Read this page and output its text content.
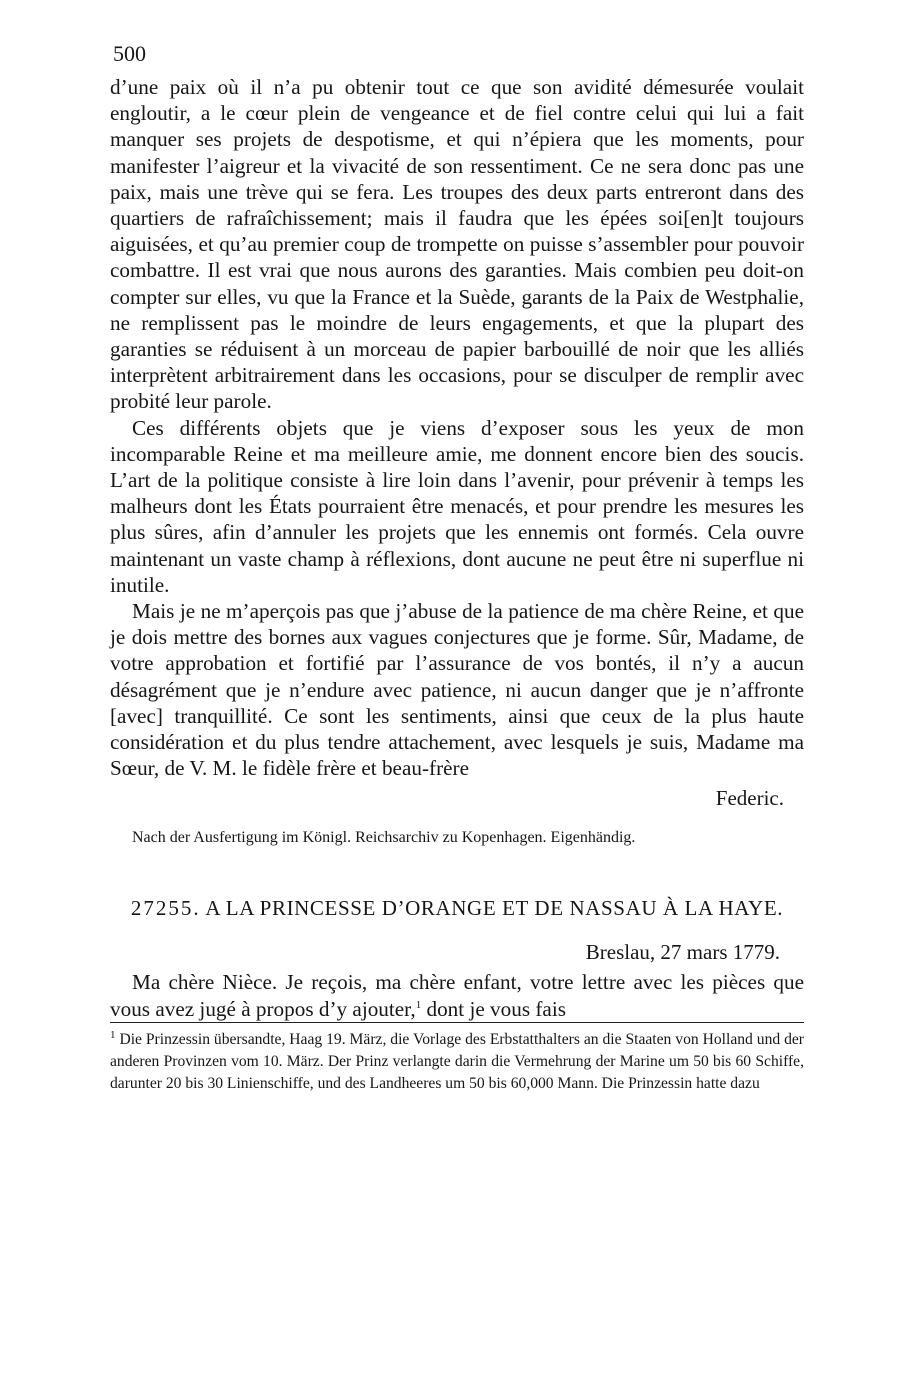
500

d’une paix où il n’a pu obtenir tout ce que son avidité démesurée voulait engloutir, a le cœur plein de vengeance et de fiel contre celui qui lui a fait manquer ses projets de despotisme, et qui n’épiera que les moments, pour manifester l’aigreur et la vivacité de son ressentiment. Ce ne sera donc pas une paix, mais une trève qui se fera. Les troupes des deux parts entreront dans des quartiers de rafraîchissement; mais il faudra que les épées soi[en]t toujours aiguisées, et qu’au premier coup de trompette on puisse s’assembler pour pouvoir combattre. Il est vrai que nous aurons des garanties. Mais combien peu doit-on compter sur elles, vu que la France et la Suède, garants de la Paix de Westphalie, ne remplissent pas le moindre de leurs engagements, et que la plupart des garanties se réduisent à un morceau de papier barbouillé de noir que les alliés interprètent arbitrairement dans les occasions, pour se disculper de remplir avec probité leur parole.

Ces différents objets que je viens d’exposer sous les yeux de mon incomparable Reine et ma meilleure amie, me donnent encore bien des soucis. L’art de la politique consiste à lire loin dans l’avenir, pour prévenir à temps les malheurs dont les États pourraient être menacés, et pour prendre les mesures les plus sûres, afin d’annuler les projets que les ennemis ont formés. Cela ouvre maintenant un vaste champ à réflexions, dont aucune ne peut être ni superflue ni inutile.

Mais je ne m’aperçois pas que j’abuse de la patience de ma chère Reine, et que je dois mettre des bornes aux vagues conjectures que je forme. Sûr, Madame, de votre approbation et fortifié par l’assurance de vos bontés, il n’y a aucun désagrément que je n’endure avec patience, ni aucun danger que je n’affronte [avec] tranquillité. Ce sont les sentiments, ainsi que ceux de la plus haute considération et du plus tendre attachement, avec lesquels je suis, Madame ma Sœur, de V. M. le fidèle frère et beau-frère

Federic.
Nach der Ausfertigung im Königl. Reichsarchiv zu Kopenhagen. Eigenhändig.
27255. A LA PRINCESSE D’ORANGE ET DE NASSAU À LA HAYE.
Breslau, 27 mars 1779.

Ma chère Nièce. Je reçois, ma chère enfant, votre lettre avec les pièces que vous avez jugé à propos d’y ajouter,$^1$ dont je vous fais

$^1$ Die Prinzessin übersandte, Haag 19. März, die Vorlage des Erbstatthalters an die Staaten von Holland und der anderen Provinzen vom 10. März. Der Prinz verlangte darin die Vermehrung der Marine um 50 bis 60 Schiffe, darunter 20 bis 30 Linienschiffe, und des Landheeres um 50 bis 60,000 Mann. Die Prinzessin hatte dazu
